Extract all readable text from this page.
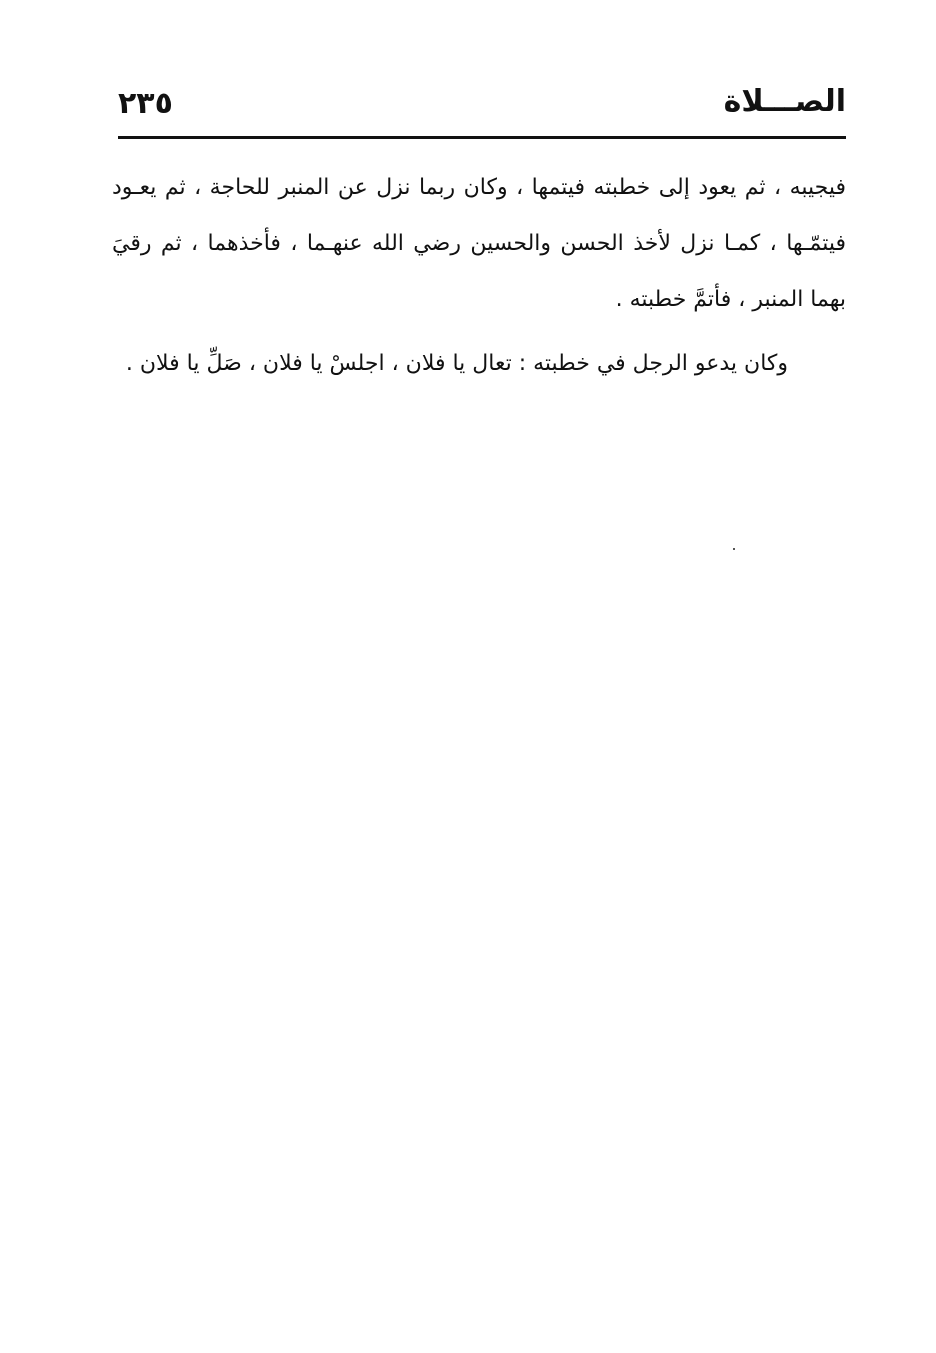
الصـــلاة
٢٣٥

فيجيبه ، ثم يعود إلى خطبته فيتمها ، وكان ربما نزل عن المنبر للحاجة ، ثم يعـود فيتمّـها ، كمـا نزل لأخذ الحسن والحسين رضي الله عنهـما ، فأخذهما ، ثم رقيَ بهما المنبر ، فأتمَّ خطبته .

وكان يدعو الرجل في خطبته : تعال يا فلان ، اجلسْ يا فلان ، صَلِّ يا فلان .
